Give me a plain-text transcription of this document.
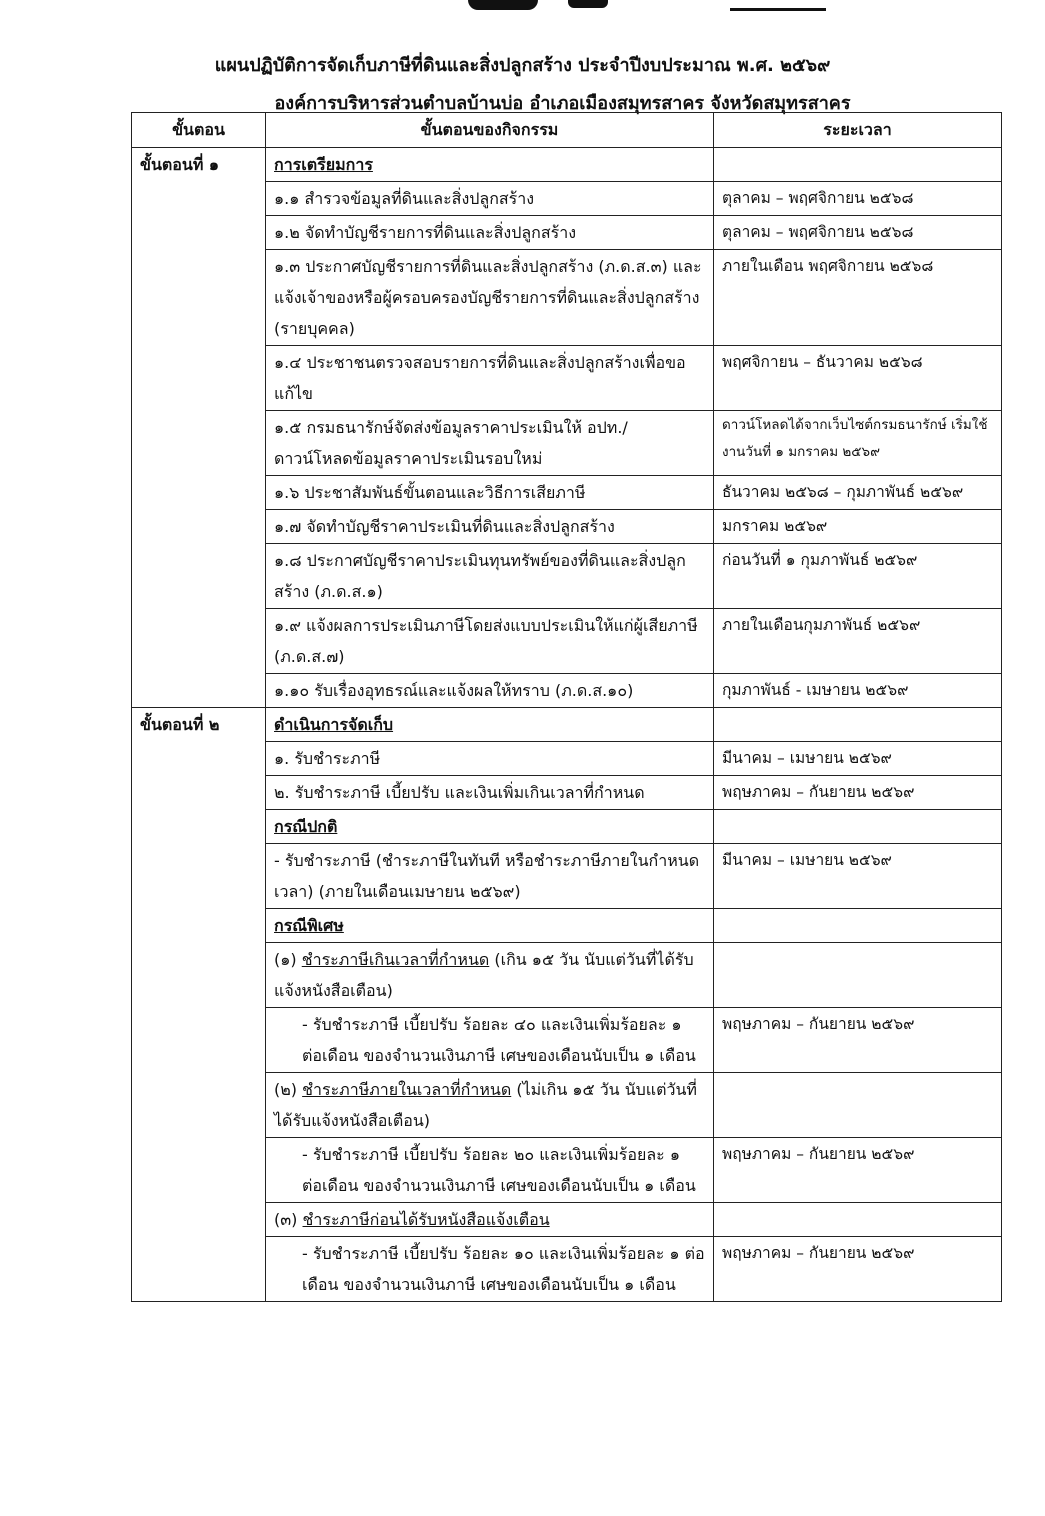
แผนปฏิบัติการจัดเก็บภาษีที่ดินและสิ่งปลูกสร้าง ประจำปีงบประมาณ พ.ศ. ๒๕๖๙
องค์การบริหารส่วนตำบลบ้านบ่อ อำเภอเมืองสมุทรสาคร จังหวัดสมุทรสาคร
ขั้นตอน	ขั้นตอนของกิจกรรม	ระยะเวลา
ขั้นตอนที่ ๑	การเตรียมการ	
	๑.๑ สำรวจข้อมูลที่ดินและสิ่งปลูกสร้าง	ตุลาคม – พฤศจิกายน ๒๕๖๘
	๑.๒ จัดทำบัญชีรายการที่ดินและสิ่งปลูกสร้าง	ตุลาคม – พฤศจิกายน ๒๕๖๘
	๑.๓ ประกาศบัญชีรายการที่ดินและสิ่งปลูกสร้าง (ภ.ด.ส.๓) และแจ้งเจ้าของหรือผู้ครอบครองบัญชีรายการที่ดินและสิ่งปลูกสร้าง (รายบุคคล)	ภายในเดือน พฤศจิกายน ๒๕๖๘
	๑.๔ ประชาชนตรวจสอบรายการที่ดินและสิ่งปลูกสร้างเพื่อขอแก้ไข	พฤศจิกายน – ธันวาคม ๒๕๖๘
	๑.๕ กรมธนารักษ์จัดส่งข้อมูลราคาประเมินให้ อปท./ดาวน์โหลดข้อมูลราคาประเมินรอบใหม่	ดาวน์โหลดได้จากเว็บไซต์กรมธนารักษ์ เริ่มใช้งานวันที่ ๑ มกราคม ๒๕๖๙
	๑.๖ ประชาสัมพันธ์ขั้นตอนและวิธีการเสียภาษี	ธันวาคม ๒๕๖๘ – กุมภาพันธ์ ๒๕๖๙
	๑.๗ จัดทำบัญชีราคาประเมินที่ดินและสิ่งปลูกสร้าง	มกราคม ๒๕๖๙
	๑.๘ ประกาศบัญชีราคาประเมินทุนทรัพย์ของที่ดินและสิ่งปลูกสร้าง (ภ.ด.ส.๑)	ก่อนวันที่ ๑ กุมภาพันธ์ ๒๕๖๙
	๑.๙ แจ้งผลการประเมินภาษีโดยส่งแบบประเมินให้แก่ผู้เสียภาษี (ภ.ด.ส.๗)	ภายในเดือนกุมภาพันธ์ ๒๕๖๙
	๑.๑๐ รับเรื่องอุทธรณ์และแจ้งผลให้ทราบ (ภ.ด.ส.๑๐)	กุมภาพันธ์ - เมษายน ๒๕๖๙
ขั้นตอนที่ ๒	ดำเนินการจัดเก็บ	
	๑. รับชำระภาษี	มีนาคม – เมษายน ๒๕๖๙
	๒. รับชำระภาษี เบี้ยปรับ และเงินเพิ่มเกินเวลาที่กำหนด	พฤษภาคม – กันยายน ๒๕๖๙
	กรณีปกติ	
	- รับชำระภาษี (ชำระภาษีในทันที หรือชำระภาษีภายในกำหนดเวลา) (ภายในเดือนเมษายน ๒๕๖๙)	มีนาคม – เมษายน ๒๕๖๙
	กรณีพิเศษ	
	(๑) ชำระภาษีเกินเวลาที่กำหนด (เกิน ๑๕ วัน นับแต่วันที่ได้รับแจ้งหนังสือเตือน)	
	- รับชำระภาษี เบี้ยปรับ ร้อยละ ๔๐ และเงินเพิ่มร้อยละ ๑ ต่อเดือน ของจำนวนเงินภาษี เศษของเดือนนับเป็น ๑ เดือน	พฤษภาคม – กันยายน ๒๕๖๙
	(๒) ชำระภาษีภายในเวลาที่กำหนด (ไม่เกิน ๑๕ วัน นับแต่วันที่ได้รับแจ้งหนังสือเตือน)	
	- รับชำระภาษี เบี้ยปรับ ร้อยละ ๒๐ และเงินเพิ่มร้อยละ ๑ ต่อเดือน ของจำนวนเงินภาษี เศษของเดือนนับเป็น ๑ เดือน	พฤษภาคม – กันยายน ๒๕๖๙
	(๓) ชำระภาษีก่อนได้รับหนังสือแจ้งเตือน	
	- รับชำระภาษี เบี้ยปรับ ร้อยละ ๑๐ และเงินเพิ่มร้อยละ ๑ ต่อเดือน ของจำนวนเงินภาษี เศษของเดือนนับเป็น ๑ เดือน	พฤษภาคม – กันยายน ๒๕๖๙
